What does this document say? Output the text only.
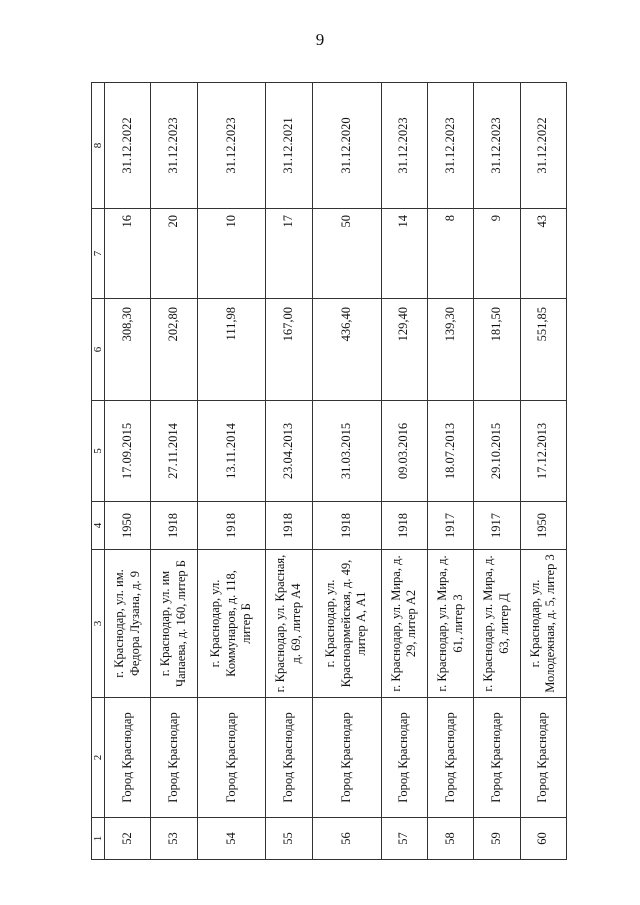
9
1	2	3	4	5	6	7	8
52	Город Краснодар	г. Краснодар, ул. им. Федора Лузана, д. 9	1950	17.09.2015	308,30	16	31.12.2022
53	Город Краснодар	г. Краснодар, ул. им Чапаева, д. 160, литер Б	1918	27.11.2014	202,80	20	31.12.2023
54	Город Краснодар	г. Краснодар, ул. Коммунаров, д. 118, литер Б	1918	13.11.2014	111,98	10	31.12.2023
55	Город Краснодар	г. Краснодар, ул. Красная, д. 69, литер А4	1918	23.04.2013	167,00	17	31.12.2021
56	Город Краснодар	г. Краснодар, ул. Красноармейская, д. 49, литер А, А1	1918	31.03.2015	436,40	50	31.12.2020
57	Город Краснодар	г. Краснодар, ул. Мира, д. 29, литер А2	1918	09.03.2016	129,40	14	31.12.2023
58	Город Краснодар	г. Краснодар, ул. Мира, д. 61, литер 3	1917	18.07.2013	139,30	8	31.12.2023
59	Город Краснодар	г. Краснодар, ул. Мира, д. 63, литер Д	1917	29.10.2015	181,50	9	31.12.2023
60	Город Краснодар	г. Краснодар, ул. Молодежная, д. 5, литер 3	1950	17.12.2013	551,85	43	31.12.2022
